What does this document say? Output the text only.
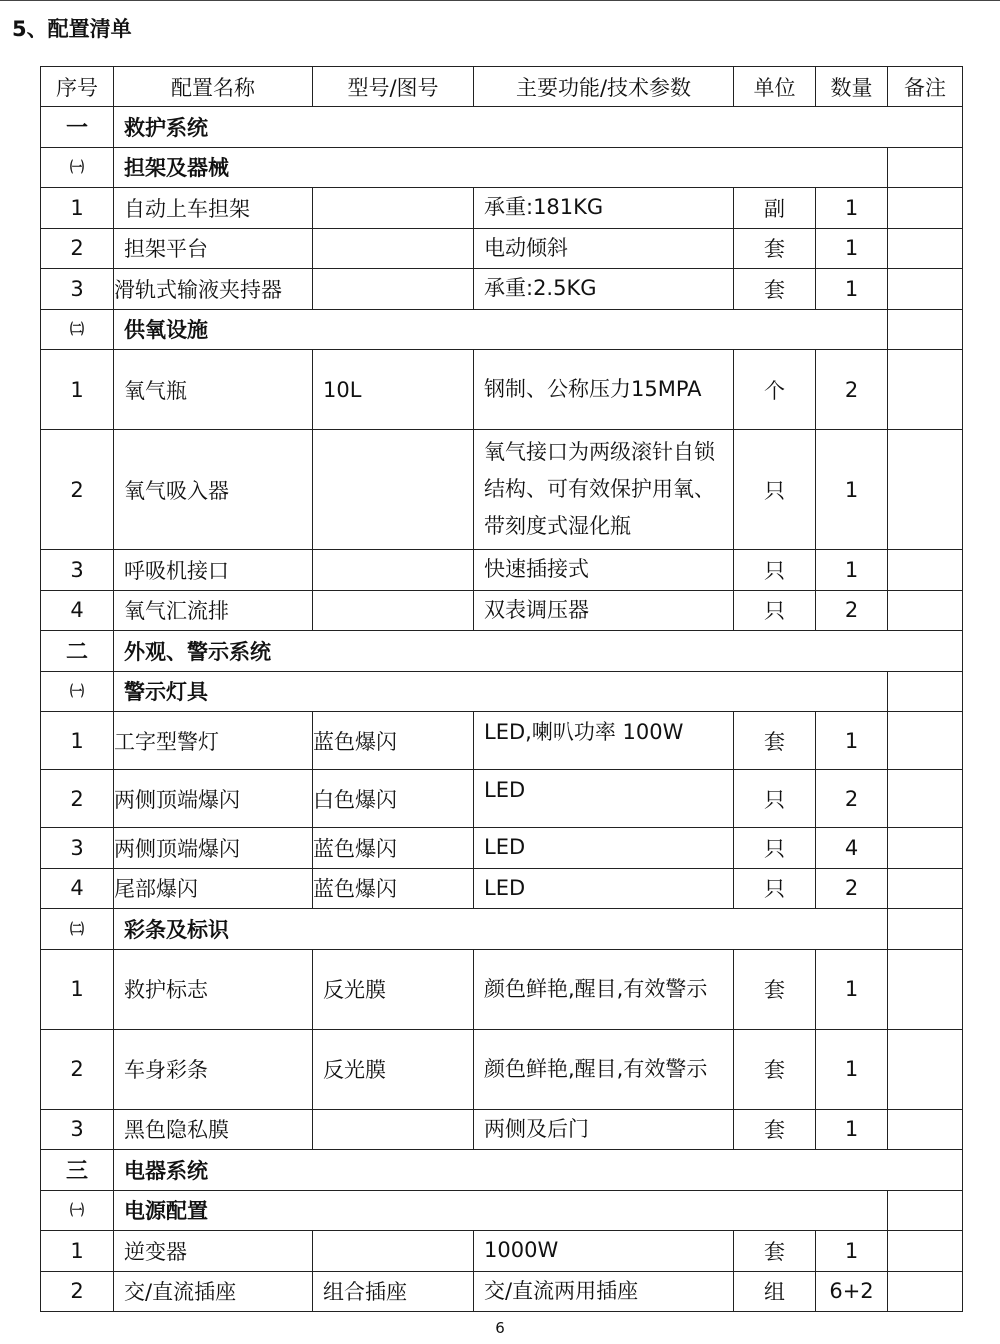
5、配置清单
序号	配置名称	型号/图号	主要功能/技术参数	单位	数量	备注
一	救护系统					
㈠	担架及器械					
1	自动上车担架		承重:181KG	副	1	
2	担架平台		电动倾斜	套	1	
3	滑轨式输液夹持器		承重:2.5KG	套	1	
㈡	供氧设施					
1	氧气瓶	10L	钢制、公称压力15MPA	个	2	
2	氧气吸入器		氧气接口为两级滚针自锁结构、可有效保护用氧、带刻度式湿化瓶	只	1	
3	呼吸机接口		快速插接式	只	1	
4	氧气汇流排		双表调压器	只	2	
二	外观、警示系统					
㈠	警示灯具					
1	工字型警灯	蓝色爆闪	LED,喇叭功率 100W	套	1	
2	两侧顶端爆闪	白色爆闪	LED	只	2	
3	两侧顶端爆闪	蓝色爆闪	LED	只	4	
4	尾部爆闪	蓝色爆闪	LED	只	2	
㈡	彩条及标识					
1	救护标志	反光膜	颜色鲜艳,醒目,有效警示	套	1	
2	车身彩条	反光膜	颜色鲜艳,醒目,有效警示	套	1	
3	黑色隐私膜		两侧及后门	套	1	
三	电器系统					
㈠	电源配置					
1	逆变器		1000W	套	1	
2	交/直流插座	组合插座	交/直流两用插座	组	6+2	
6
